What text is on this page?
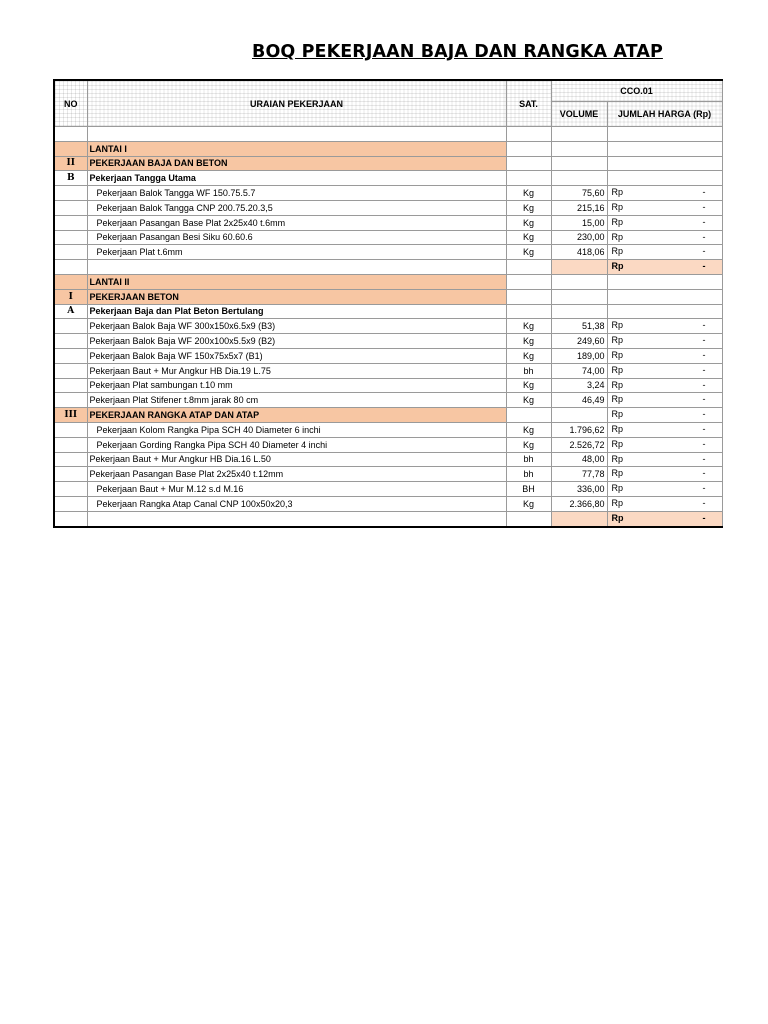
BOQ PEKERJAAN BAJA DAN RANGKA ATAP
NO	URAIAN PEKERJAAN	SAT.	CCO.01	
			VOLUME	JUMLAH HARGA (Rp)

	LANTAI I			
II	PEKERJAAN BAJA DAN BETON			
B	Pekerjaan Tangga Utama			
	Pekerjaan Balok Tangga WF 150.75.5.7	Kg	75,60	Rp -

	Pekerjaan Balok Tangga CNP 200.75.20.3,5	Kg	215,16	Rp -

	Pekerjaan Pasangan Base Plat 2x25x40 t.6mm	Kg	15,00	Rp -

	Pekerjaan Pasangan Besi Siku 60.60.6	Kg	230,00	Rp -

	Pekerjaan Plat t.6mm	Kg	418,06	Rp -

				Rp -

	LANTAI II			
I	PEKERJAAN BETON			
A	Pekerjaan Baja dan Plat Beton Bertulang			
	Pekerjaan Balok Baja WF 300x150x6.5x9 (B3)	Kg	51,38	Rp -

	Pekerjaan Balok Baja WF 200x100x5.5x9 (B2)	Kg	249,60	Rp -

	Pekerjaan Balok Baja WF 150x75x5x7 (B1)	Kg	189,00	Rp -

	Pekerjaan Baut + Mur Angkur HB Dia.19 L.75	bh	74,00	Rp -

	Pekerjaan Plat sambungan t.10 mm	Kg	3,24	Rp -

	Pekerjaan Plat Stifener t.8mm jarak 80 cm	Kg	46,49	Rp -

III	PEKERJAAN RANGKA ATAP DAN ATAP			Rp -

	Pekerjaan Kolom Rangka Pipa SCH 40 Diameter 6 inchi	Kg	1.796,62	Rp -

	Pekerjaan Gording Rangka Pipa SCH 40 Diameter 4 inchi	Kg	2.526,72	Rp -

	Pekerjaan Baut + Mur Angkur HB Dia.16 L.50	bh	48,00	Rp -

	Pekerjaan Pasangan Base Plat 2x25x40 t.12mm	bh	77,78	Rp -

	Pekerjaan Baut + Mur M.12 s.d M.16	BH	336,00	Rp -

	Pekerjaan Rangka Atap Canal CNP 100x50x20,3	Kg	2.366,80	Rp -

				Rp -
